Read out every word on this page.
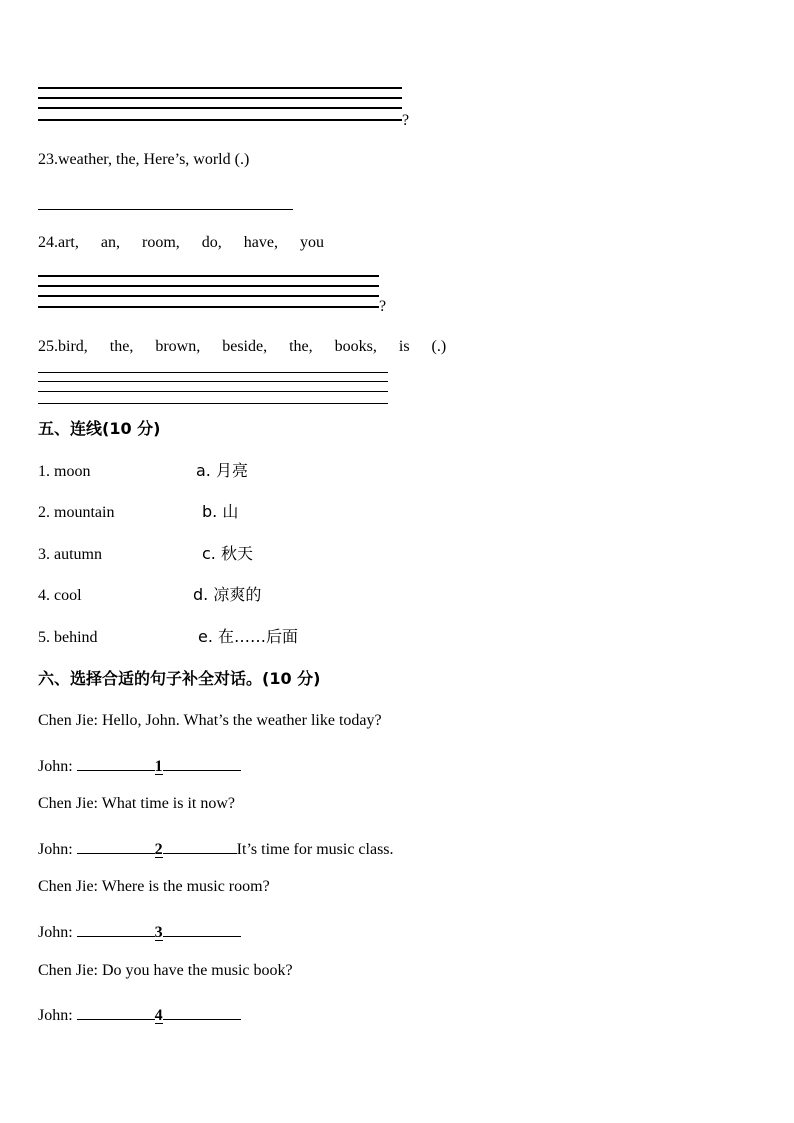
?
23.weather, the, Here’s, world (.)
24.art, an, room, do, have, you
?
25.bird, the, brown, beside, the, books, is (.)
五、连线(10 分)
1. moon	a. 月亮
2. mountain	b. 山
3. autumn	c. 秋天
4. cool	d. 凉爽的
5. behind	e. 在……后面
六、选择合适的句子补全对话。(10 分)
Chen Jie: Hello, John. What’s the weather like today?
John:	1
Chen Jie: What time is it now?
John:	2	It’s time for music class.
Chen Jie: Where is the music room?
John:	3
Chen Jie: Do you have the music book?
John:	4
